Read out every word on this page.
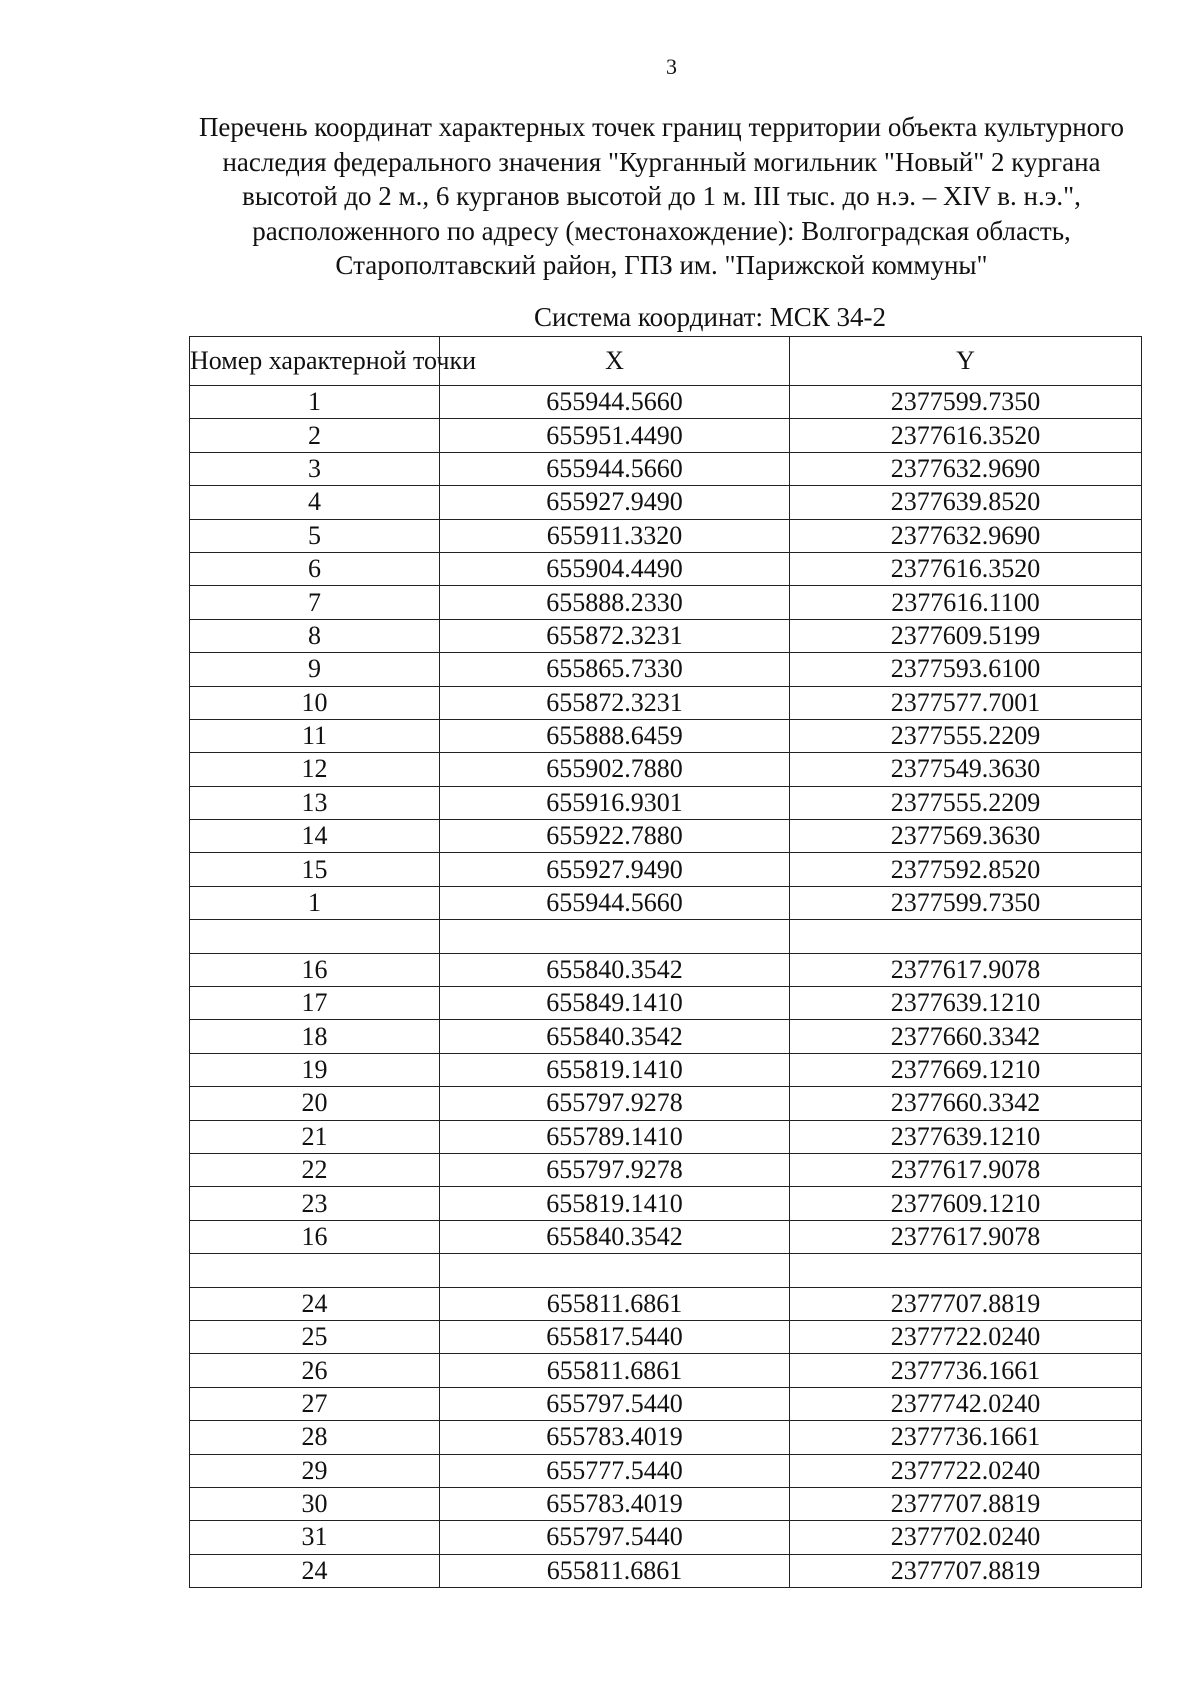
3
Перечень координат характерных точек границ территории объекта культурного
наследия федерального значения "Курганный могильник "Новый" 2 кургана
высотой до 2 м., 6 курганов высотой до 1 м. III тыс. до н.э. – XIV в. н.э.",
расположенного по адресу (местонахождение): Волгоградская область,
Старополтавский район, ГПЗ им. "Парижской коммуны"
Система координат: МСК 34-2
Номер характерной точки	X	Y
1	655944.5660	2377599.7350
2	655951.4490	2377616.3520
3	655944.5660	2377632.9690
4	655927.9490	2377639.8520
5	655911.3320	2377632.9690
6	655904.4490	2377616.3520
7	655888.2330	2377616.1100
8	655872.3231	2377609.5199
9	655865.7330	2377593.6100
10	655872.3231	2377577.7001
11	655888.6459	2377555.2209
12	655902.7880	2377549.3630
13	655916.9301	2377555.2209
14	655922.7880	2377569.3630
15	655927.9490	2377592.8520
1	655944.5660	2377599.7350

16	655840.3542	2377617.9078
17	655849.1410	2377639.1210
18	655840.3542	2377660.3342
19	655819.1410	2377669.1210
20	655797.9278	2377660.3342
21	655789.1410	2377639.1210
22	655797.9278	2377617.9078
23	655819.1410	2377609.1210
16	655840.3542	2377617.9078

24	655811.6861	2377707.8819
25	655817.5440	2377722.0240
26	655811.6861	2377736.1661
27	655797.5440	2377742.0240
28	655783.4019	2377736.1661
29	655777.5440	2377722.0240
30	655783.4019	2377707.8819
31	655797.5440	2377702.0240
24	655811.6861	2377707.8819
